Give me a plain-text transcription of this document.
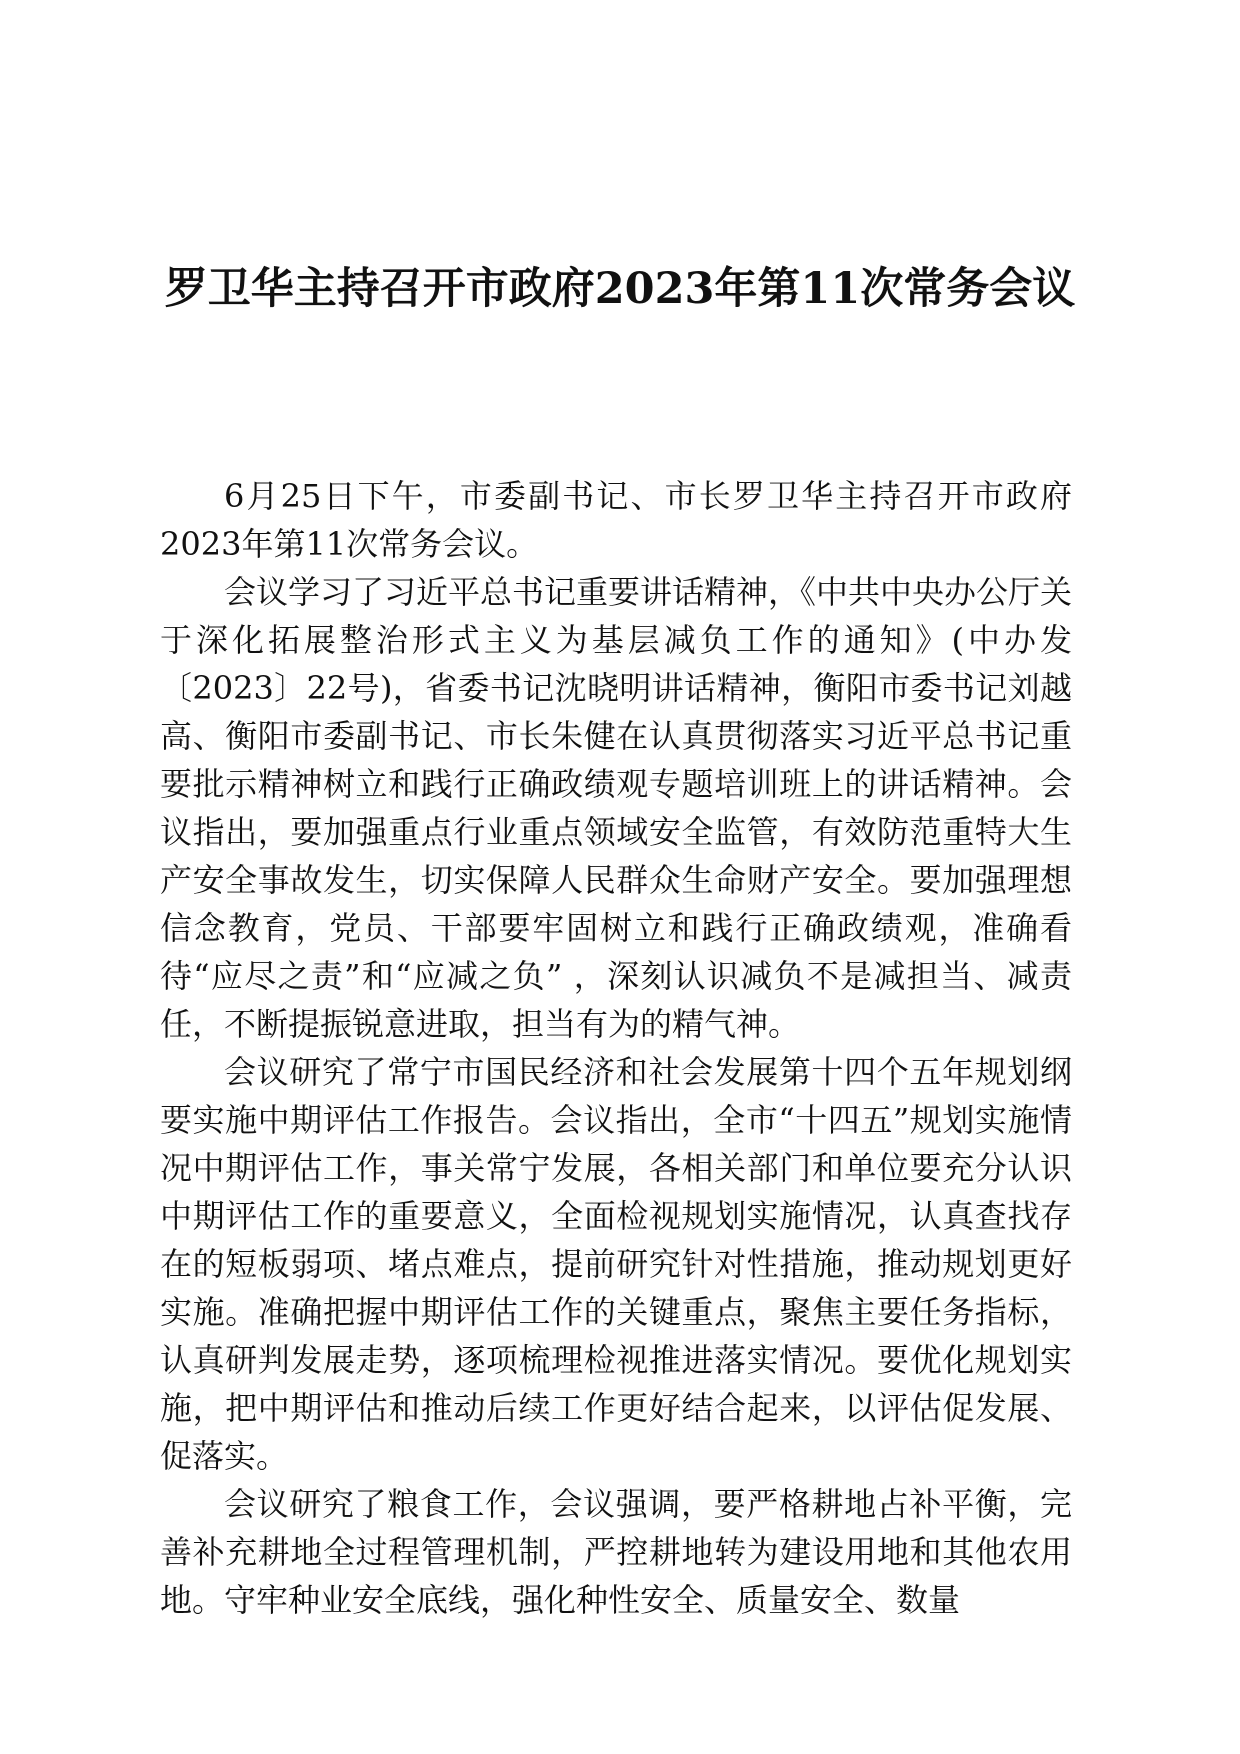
罗卫华主持召开市政府2023年第11次常务会议

6月25日下午，市委副书记、市长罗卫华主持召开市政府2023年第11次常务会议。

会议学习了习近平总书记重要讲话精神，《中共中央办公厅关于深化拓展整治形式主义为基层减负工作的通知》(中办发〔2023〕22号)，省委书记沈晓明讲话精神，衡阳市委书记刘越高、衡阳市委副书记、市长朱健在认真贯彻落实习近平总书记重要批示精神树立和践行正确政绩观专题培训班上的讲话精神。会议指出，要加强重点行业重点领域安全监管，有效防范重特大生产安全事故发生，切实保障人民群众生命财产安全。要加强理想信念教育，党员、干部要牢固树立和践行正确政绩观，准确看待“应尽之责”和“应减之负” ，深刻认识减负不是减担当、减责任，不断提振锐意进取，担当有为的精气神。

会议研究了常宁市国民经济和社会发展第十四个五年规划纲要实施中期评估工作报告。会议指出，全市“十四五”规划实施情况中期评估工作，事关常宁发展，各相关部门和单位要充分认识中期评估工作的重要意义，全面检视规划实施情况，认真查找存在的短板弱项、堵点难点，提前研究针对性措施，推动规划更好实施。准确把握中期评估工作的关键重点，聚焦主要任务指标，认真研判发展走势，逐项梳理检视推进落实情况。要优化规划实施，把中期评估和推动后续工作更好结合起来，以评估促发展、促落实。

会议研究了粮食工作，会议强调，要严格耕地占补平衡，完善补充耕地全过程管理机制，严控耕地转为建设用地和其他农用地。守牢种业安全底线，强化种性安全、质量安全、数量
